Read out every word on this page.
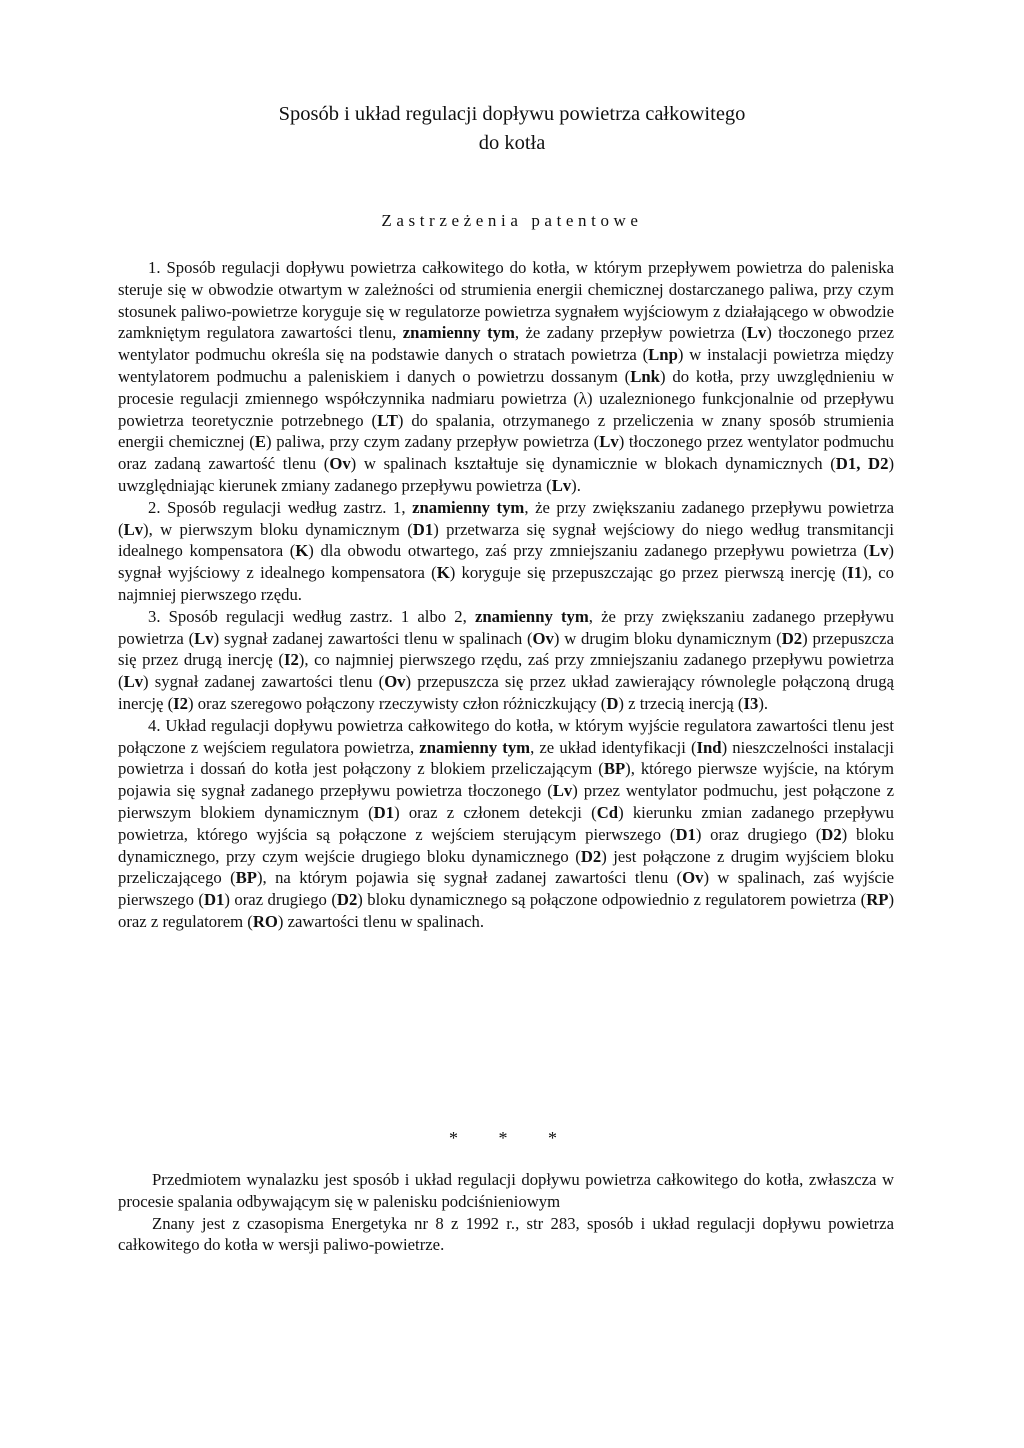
Sposób i układ regulacji dopływu powietrza całkowitego
do kotła
Zastrzeżenia patentowe

1. Sposób regulacji dopływu powietrza całkowitego do kotła, w którym przepływem powietrza do paleniska steruje się w obwodzie otwartym w zależności od strumienia energii chemicznej dostarczanego paliwa, przy czym stosunek paliwo-powietrze koryguje się w regulatorze powietrza sygnałem wyjściowym z działającego w obwodzie zamkniętym regulatora zawartości tlenu, znamienny tym, że zadany przepływ powietrza (Lv) tłoczonego przez wentylator podmuchu określa się na podstawie danych o stratach powietrza (Lnp) w instalacji powietrza między wentylatorem podmuchu a paleniskiem i danych o powietrzu dossanym (Lnk) do kotła, przy uwzględnieniu w procesie regulacji zmiennego współczynnika nadmiaru powietrza (λ) uzaleznionego funkcjonalnie od przepływu powietrza teoretycznie potrzebnego (LT) do spalania, otrzymanego z przeliczenia w znany sposób strumienia energii chemicznej (E) paliwa, przy czym zadany przepływ powietrza (Lv) tłoczonego przez wentylator podmuchu oraz zadaną zawartość tlenu (Ov) w spalinach kształtuje się dynamicznie w blokach dynamicznych (D1, D2) uwzględniając kierunek zmiany zadanego przepływu powietrza (Lv).

2. Sposób regulacji według zastrz. 1, znamienny tym, że przy zwiększaniu zadanego przepływu powietrza (Lv), w pierwszym bloku dynamicznym (D1) przetwarza się sygnał wejściowy do niego według transmitancji idealnego kompensatora (K) dla obwodu otwartego, zaś przy zmniejszaniu zadanego przepływu powietrza (Lv) sygnał wyjściowy z idealnego kompensatora (K) koryguje się przepuszczając go przez pierwszą inercję (I1), co najmniej pierwszego rzędu.

3. Sposób regulacji według zastrz. 1 albo 2, znamienny tym, że przy zwiększaniu zadanego przepływu powietrza (Lv) sygnał zadanej zawartości tlenu w spalinach (Ov) w drugim bloku dynamicznym (D2) przepuszcza się przez drugą inercję (I2), co najmniej pierwszego rzędu, zaś przy zmniejszaniu zadanego przepływu powietrza (Lv) sygnał zadanej zawartości tlenu (Ov) przepuszcza się przez układ zawierający równolegle połączoną drugą inercję (I2) oraz szeregowo połączony rzeczywisty człon różniczkujący (D) z trzecią inercją (I3).

4. Układ regulacji dopływu powietrza całkowitego do kotła, w którym wyjście regulatora zawartości tlenu jest połączone z wejściem regulatora powietrza, znamienny tym, ze układ identyfikacji (Ind) nieszczelności instalacji powietrza i dossań do kotła jest połączony z blokiem przeliczającym (BP), którego pierwsze wyjście, na którym pojawia się sygnał zadanego przepływu powietrza tłoczonego (Lv) przez wentylator podmuchu, jest połączone z pierwszym blokiem dynamicznym (D1) oraz z członem detekcji (Cd) kierunku zmian zadanego przepływu powietrza, którego wyjścia są połączone z wejściem sterującym pierwszego (D1) oraz drugiego (D2) bloku dynamicznego, przy czym wejście drugiego bloku dynamicznego (D2) jest połączone z drugim wyjściem bloku przeliczającego (BP), na którym pojawia się sygnał zadanej zawartości tlenu (Ov) w spalinach, zaś wyjście pierwszego (D1) oraz drugiego (D2) bloku dynamicznego są połączone odpowiednio z regulatorem powietrza (RP) oraz z regulatorem (RO) zawartości tlenu w spalinach.

* * *

Przedmiotem wynalazku jest sposób i układ regulacji dopływu powietrza całkowitego do kotła, zwłaszcza w procesie spalania odbywającym się w palenisku podciśnieniowym

Znany jest z czasopisma Energetyka nr 8 z 1992 r., str 283, sposób i układ regulacji dopływu powietrza całkowitego do kotła w wersji paliwo-powietrze.
